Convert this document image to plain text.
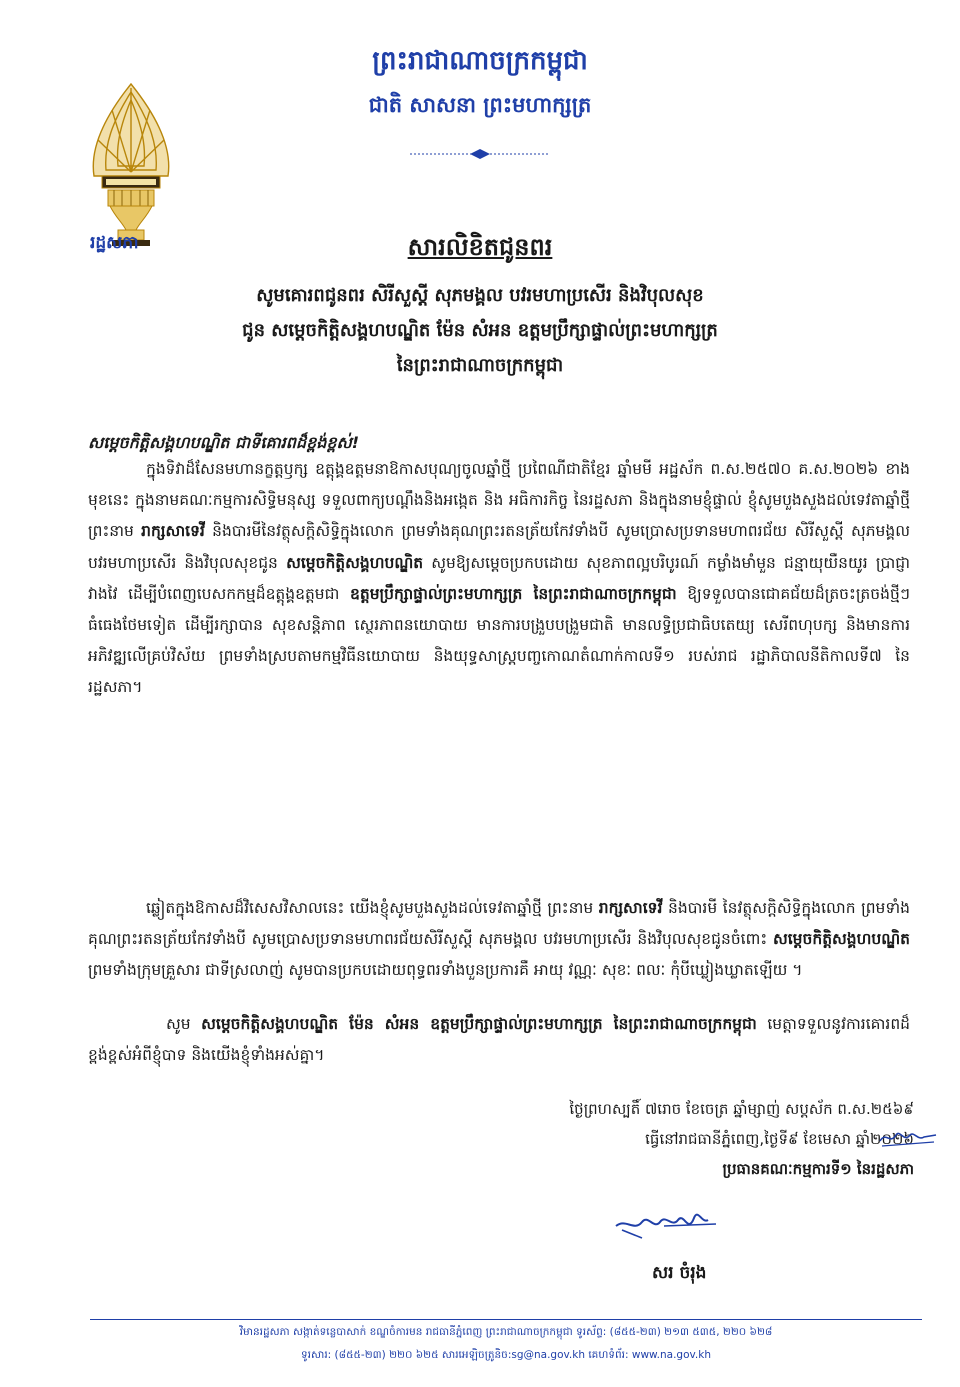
ព្រះរាជាណាចក្រកម្ពុជា
ជាតិ សាសនា ព្រះមហាក្សត្រ
រដ្ឋសភា	សារលិខិតជូនពរ
សូមគោរពជូនពរ សិរីសួស្តី សុភមង្គល បវរមហាប្រសើរ និងវិបុលសុខ
ជូន សម្តេចកិត្តិសង្គហបណ្ឌិត ម៉ែន សំអន ឧត្តមប្រឹក្សាផ្ទាល់ព្រះមហាក្សត្រ
នៃព្រះរាជាណាចក្រកម្ពុជា
សម្តេចកិត្តិសង្គហបណ្ឌិត ជាទីគោរពដ៏ខ្ពង់ខ្ពស់!
ក្នុងទិវាដ៏សែនមហានក្ខត្តឫក្ស ឧត្តុង្គឧត្តមនាឱកាសបុណ្យចូលឆ្នាំថ្មី ប្រពៃណីជាតិខ្មែរ ឆ្នាំមមី អដ្ឋស័ក ព.ស.២៥៧០ គ.ស.២០២៦ ខាងមុខនេះ ក្នុងនាមគណៈកម្មការសិទ្ធិមនុស្ស ទទួលពាក្យបណ្តឹងនិងអង្កេត និង អធិការកិច្ច នៃរដ្ឋសភា និងក្នុងនាមខ្ញុំផ្ទាល់ ខ្ញុំសូមបួងសួងដល់ទេវតាឆ្នាំថ្មី ព្រះនាម រាក្សសាទេវី និងបារមីនៃវត្ថុសក្តិសិទ្ធិក្នុងលោក ព្រមទាំងគុណព្រះរតនត្រ័យកែវទាំងបី សូមប្រោសប្រទានមហាពរជ័យ សិរីសួស្តី សុភមង្គល បវរមហាប្រសើរ និងវិបុលសុខជូន សម្តេចកិត្តិសង្គហបណ្ឌិត សូមឱ្យសម្តេចប្រកបដោយ សុខភាពល្អបរិបូរណ៍ កម្លាំងមាំមួន ជន្មាយុយឺនយូរ ប្រាជ្ញាវាងវៃ ដើម្បីបំពេញបេសកកម្មដ៏ឧត្តុង្គឧត្តមជា ឧត្តមប្រឹក្សាផ្ទាល់ព្រះមហាក្សត្រ នៃព្រះរាជាណាចក្រកម្ពុជា ឱ្យទទួលបានជោគជ័យដ៏ត្រចះត្រចង់ថ្មីៗធំធេងថែមទៀត ដើម្បីរក្សាបាន សុខសន្តិភាព ស្ថេរភាពនយោបាយ មានការបង្រួបបង្រួមជាតិ មានលទ្ធិប្រជាធិបតេយ្យ សេរីពហុបក្ស និងមានការ អភិវឌ្ឍលើគ្រប់វិស័យ ព្រមទាំងស្របតាមកម្មវិធីនយោបាយ និងយុទ្ធសាស្ត្របញ្ចកោណតំណាក់កាលទី១ របស់រាជ រដ្ឋាភិបាលនីតិកាលទី៧ នៃរដ្ឋសភា។
ឆ្លៀតក្នុងឱកាសដ៏វិសេសវិសាលនេះ យើងខ្ញុំសូមបួងសួងដល់ទេវតាឆ្នាំថ្មី ព្រះនាម រាក្សសាទេវី និងបារមី នៃវត្ថុសក្តិសិទ្ធិក្នុងលោក ព្រមទាំងគុណព្រះរតនត្រ័យកែវទាំងបី សូមប្រោសប្រទានមហាពរជ័យសិរីសួស្តី សុភមង្គល បវរមហាប្រសើរ និងវិបុលសុខជូនចំពោះ សម្តេចកិត្តិសង្គហបណ្ឌិត ព្រមទាំងក្រុមគ្រួសារ ជាទីស្រលាញ់ សូមបានប្រកបដោយពុទ្ធពរទាំងបួនប្រការគឺ អាយុ វណ្ណៈ សុខៈ ពលៈ កុំបីឃ្លៀងឃ្លាតឡើយ ។
សូម សម្តេចកិត្តិសង្គហបណ្ឌិត ម៉ែន សំអន ឧត្តមប្រឹក្សាផ្ទាល់ព្រះមហាក្សត្រ នៃព្រះរាជាណាចក្រកម្ពុជា មេត្តាទទួលនូវការគោរពដ៏ខ្ពង់ខ្ពស់អំពីខ្ញុំបាទ និងយើងខ្ញុំទាំងអស់គ្នា។
ថ្ងៃព្រហស្បតិ៍ ៧រោច ខែចេត្រ ឆ្នាំម្សាញ់ សប្តស័ក ព.ស.២៥៦៩
ធ្វើនៅរាជធានីភ្នំពេញ,ថ្ងៃទី៩ ខែមេសា ឆ្នាំ២០២៦
ប្រធានគណៈកម្មការទី១ នៃរដ្ឋសភា
សរ ចំរុង
វិមានរដ្ឋសភា សង្កាត់ទន្លេបាសាក់ ខណ្ឌចំការមន រាជធានីភ្នំពេញ ព្រះរាជាណាចក្រកម្ពុជា ទូរស័ព្ទ: (៨៥៥-២៣) ២១៣ ៥៣៥, ២២០ ៦២៨
ទូរសារ: (៨៥៥-២៣) ២២០ ៦២៥ សារអេឡិចត្រូនិច:sg@na.gov.kh គេហទំព័រ: www.na.gov.kh
